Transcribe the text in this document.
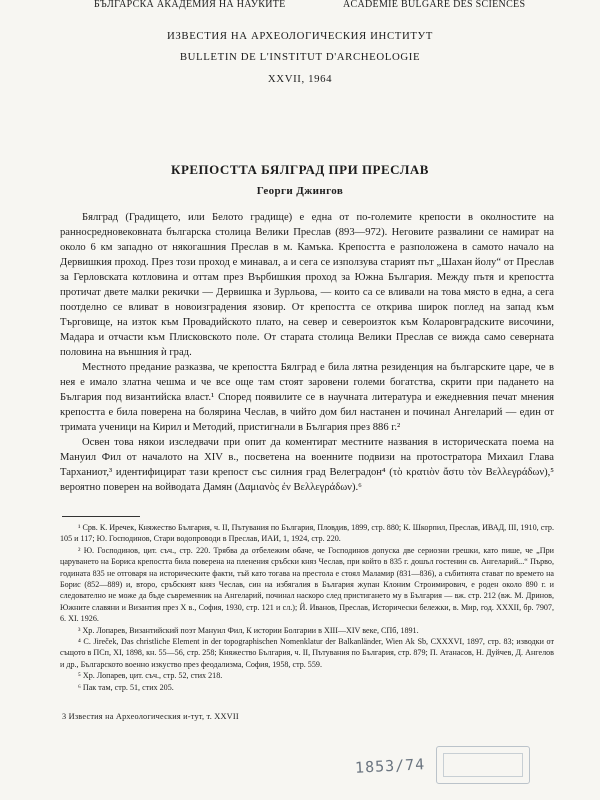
БЪЛГАРСКА АКАДЕМИЯ НА НАУКИТЕ	ACADEMIE BULGARE DES SCIENCES
ИЗВЕСТИЯ НА АРХЕОЛОГИЧЕСКИЯ ИНСТИТУТ
BULLETIN DE L'INSTITUT D'ARCHEOLOGIE
XXVII, 1964
КРЕПОСТТА БЯЛГРАД ПРИ ПРЕСЛАВ
Георги Джингов

Бялград (Градището, или Белото градище) е една от по-големите крепости в околностите на ранносредновековната българска столица Велики Преслав (893—972). Неговите развалини се намират на около 6 км западно от някогашния Преслав в м. Камъка. Крепостта е разположена в самото начало на Дервишкия проход. През този проход е минавал, а и сега се използува старият път „Шахан йолу“ от Преслав за Герловската котловина и оттам през Върбишкия проход за Южна България. Между пътя и крепостта протичат двете малки рекички — Дервишка и Зурльова, — които са се вливали на това място в една, а сега поотделно се вливат в новоизградения язовир. От крепостта се открива широк поглед на запад към Търговище, на изток към Провадийското плато, на север и североизток към Коларовградските височини, Мадара и отчасти към Плисковското поле. От старата столица Велики Преслав се вижда само северната половина на външния ѝ град.

Местното предание разказва, че крепостта Бялград е била лятна резиденция на българските царе, че в нея е имало златна чешма и че все още там стоят заровени големи богатства, скрити при падането на България под византийска власт.¹ Според появилите се в научната литература и ежедневния печат мнения крепостта е била поверена на болярина Чеслав, в чийто дом бил настанен и починал Ангеларий — един от тримата ученици на Кирил и Методий, пристигнали в България през 886 г.²

Освен това някои изследвачи при опит да коментират местните названия в историческата поема на Мануил Фил от началото на XIV в., посветена на военните подвизи на протостратора Михаил Главa Тарханиот,³ идентифицират тази крепост със силния град Велеградон⁴ (τὸ κρατιὸν ἄστυ τὸν Βελλεγράδων),⁵ вероятно поверен на войводата Дамян (Δαμιανὸς ἐν Βελλεγράδων).⁶

¹ Срв. К. Иречек, Княжество България, ч. II, Пътувания по България, Пловдив, 1899, стр. 880; К. Шкорпил, Преслав, ИВАД, III, 1910, стр. 105 и 117; Ю. Господинов, Стари водопроводи в Преслав, ИАИ, 1, 1924, стр. 220.

² Ю. Господинов, цит. съч., стр. 220. Трябва да отбележим обаче, че Господинов допуска две сериозни грешки, като пише, че „При царуването на Бориса крепостта била поверена на пленения сръбски княз Чеслав, при който в 835 г. дошъл гостенин св. Ангеларий...“ Първо, годината 835 не отговаря на историческите факти, тъй като тогава на престола е стоял Маламир (831—836), а събитията стават по времето на Борис (852—889) и, второ, сръбският княз Чеслав, син на избягалия в България жупан Клоним Строимирович, е роден около 890 г. и следователно не може да бъде съвременник на Ангеларий, починал наскоро след пристигането му в България — вж. стр. 212 (вж. М. Дринов, Южните славяни и Византия през X в., София, 1930, стр. 121 и сл.); Й. Иванов, Преслав, Исторически бележки, в. Мир, год. XXXII, бр. 7907, 6. XI. 1926.

³ Хр. Лопарев, Византийский поэт Мануил Фил, К истории Болгарии в XIII—XIV веке, СПб, 1891.

⁴ C. Jireček, Das christliche Element in der topographischen Nomenklatur der Balkanländer, Wien Ak Sb, CXXXVI, 1897, стр. 83; изводки от същото в ПСп, XI, 1898, кн. 55—56, стр. 258; Княжество България, ч. II, Пътувания по България, стр. 879; П. Атанасов, Н. Дуйчев, Д. Ангелов и др., Българското военно изкуство през феодализма, София, 1958, стр. 559.

⁵ Хр. Лопарев, цит. съч., стр. 52, стих 218.

⁶ Пак там, стр. 51, стих 205.

3 Известия на Археологическия и-тут, т. XXVII
1853/74
